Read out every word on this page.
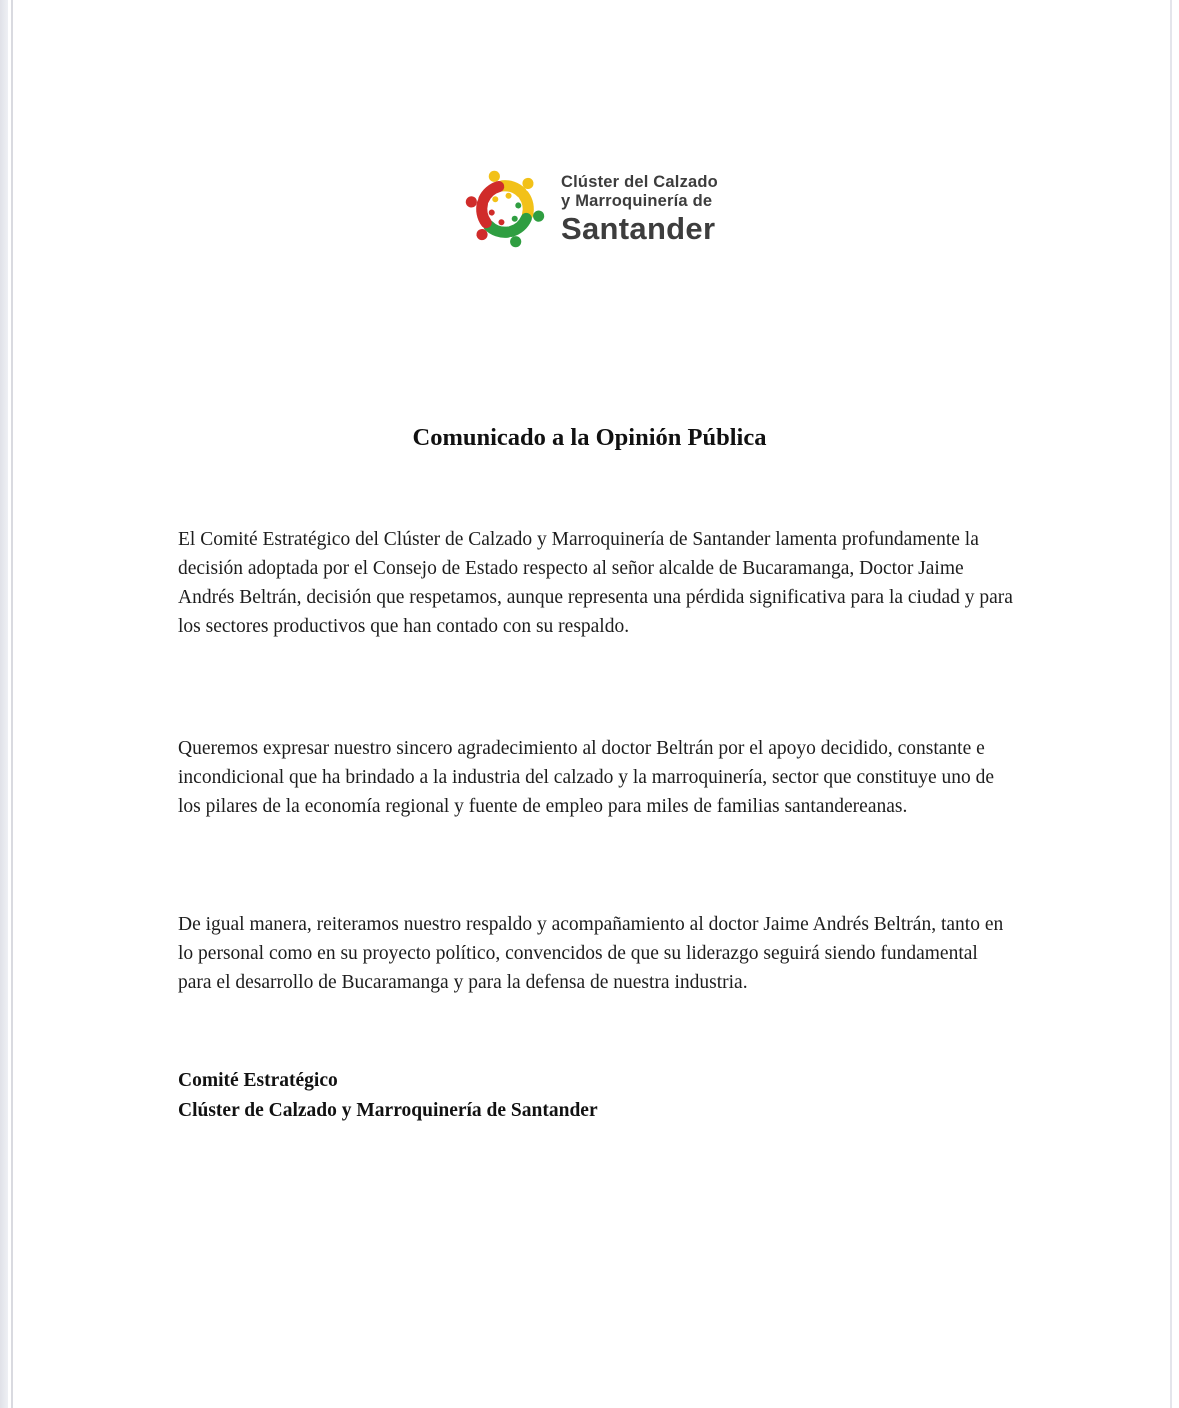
Clúster del Calzado
y Marroquinería de
Santander
Comunicado a la Opinión Pública

El Comité Estratégico del Clúster de Calzado y Marroquinería de Santander lamenta profundamente la decisión adoptada por el Consejo de Estado respecto al señor alcalde de Bucaramanga, Doctor Jaime Andrés Beltrán, decisión que respetamos, aunque representa una pérdida significativa para la ciudad y para los sectores productivos que han contado con su respaldo.

Queremos expresar nuestro sincero agradecimiento al doctor Beltrán por el apoyo decidido, constante e incondicional que ha brindado a la industria del calzado y la marroquinería, sector que constituye uno de los pilares de la economía regional y fuente de empleo para miles de familias santandereanas.

De igual manera, reiteramos nuestro respaldo y acompañamiento al doctor Jaime Andrés Beltrán, tanto en lo personal como en su proyecto político, convencidos de que su liderazgo seguirá siendo fundamental para el desarrollo de Bucaramanga y para la defensa de nuestra industria.

Comité Estratégico
Clúster de Calzado y Marroquinería de Santander
